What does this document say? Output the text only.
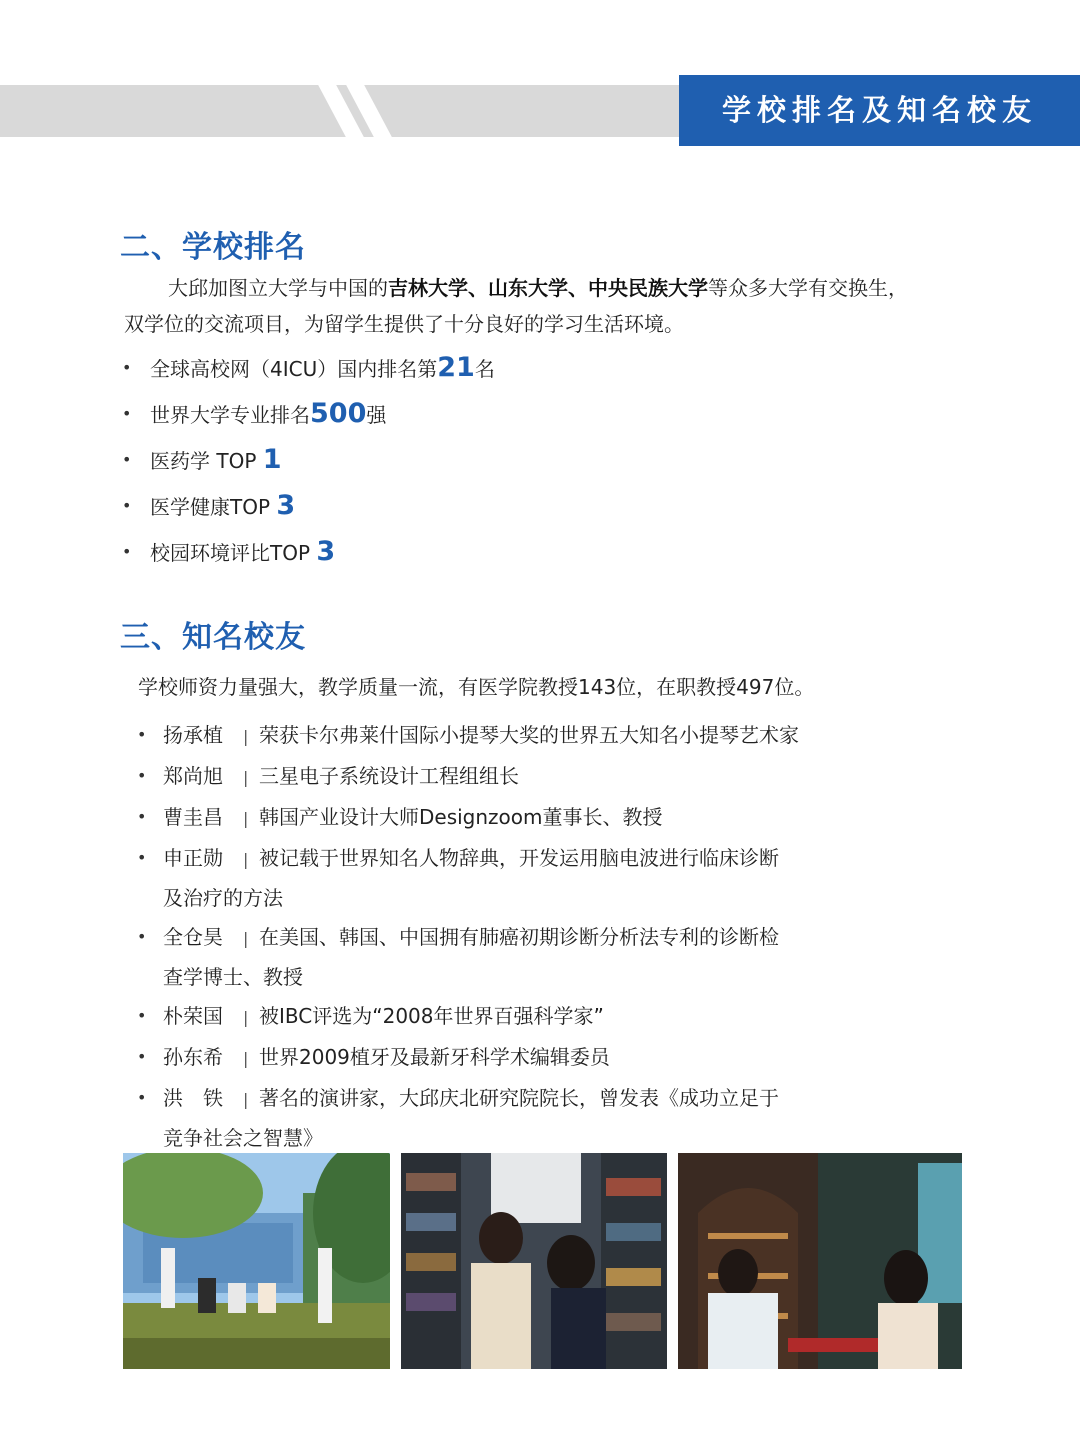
学校排名及知名校友
二、学校排名
大邱加图立大学与中国的吉林大学、山东大学、中央民族大学等众多大学有交换生，
双学位的交流项目，为留学生提供了十分良好的学习生活环境。
• 全球高校网（4ICU）国内排名第21名
• 世界大学专业排名500强
• 医药学 TOP 1
• 医学健康TOP 3
• 校园环境评比TOP 3
三、知名校友
学校师资力量强大，教学质量一流，有医学院教授143位，在职教授497位。
• 扬承植 | 荣获卡尔弗莱什国际小提琴大奖的世界五大知名小提琴艺术家
• 郑尚旭 | 三星电子系统设计工程组组长
• 曹圭昌 | 韩国产业设计大师Designzoom董事长、教授
• 申正勋 | 被记载于世界知名人物辞典，开发运用脑电波进行临床诊断
及治疗的方法
• 全仓昊 | 在美国、韩国、中国拥有肺癌初期诊断分析法专利的诊断检
查学博士、教授
• 朴荣国 | 被IBC评选为“2008年世界百强科学家”
• 孙东希 | 世界2009植牙及最新牙科学术编辑委员
• 洪　铁 | 著名的演讲家，大邱庆北研究院院长，曾发表《成功立足于
竞争社会之智慧》
